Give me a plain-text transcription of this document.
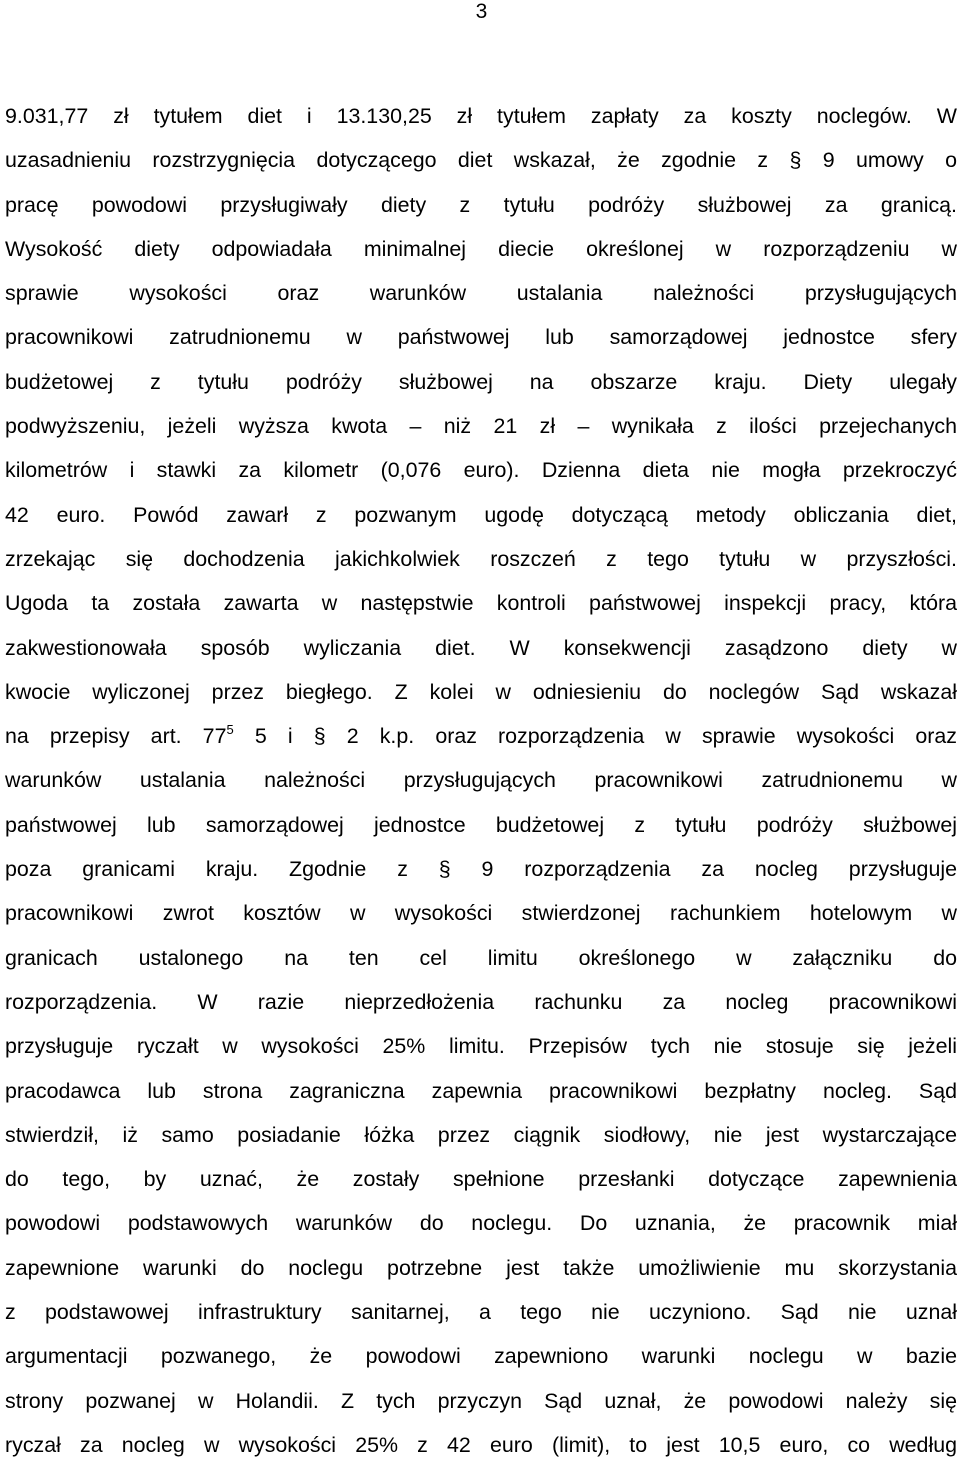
3
9.031,77 zł tytułem diet i 13.130,25 zł tytułem zapłaty za koszty noclegów. W
uzasadnieniu rozstrzygnięcia dotyczącego diet wskazał, że zgodnie z § 9 umowy o
pracę powodowi przysługiwały diety z tytułu podróży służbowej za granicą.
Wysokość diety odpowiadała minimalnej diecie określonej w rozporządzeniu w
sprawie wysokości oraz warunków ustalania należności przysługujących
pracownikowi zatrudnionemu w państwowej lub samorządowej jednostce sfery
budżetowej z tytułu podróży służbowej na obszarze kraju. Diety ulegały
podwyższeniu, jeżeli wyższa kwota – niż 21 zł – wynikała z ilości przejechanych
kilometrów i stawki za kilometr (0,076 euro). Dzienna dieta nie mogła przekroczyć
42 euro. Powód zawarł z pozwanym ugodę dotyczącą metody obliczania diet,
zrzekając się dochodzenia jakichkolwiek roszczeń z tego tytułu w przyszłości.
Ugoda ta została zawarta w następstwie kontroli państwowej inspekcji pracy, która
zakwestionowała sposób wyliczania diet. W konsekwencji zasądzono diety w
kwocie wyliczonej przez biegłego. Z kolei w odniesieniu do noclegów Sąd wskazał
na przepisy art. $77^5$ 5 i § 2 k.p. oraz rozporządzenia w sprawie wysokości oraz
warunków ustalania należności przysługujących pracownikowi zatrudnionemu w
państwowej lub samorządowej jednostce budżetowej z tytułu podróży służbowej
poza granicami kraju. Zgodnie z § 9 rozporządzenia za nocleg przysługuje
pracownikowi zwrot kosztów w wysokości stwierdzonej rachunkiem hotelowym w
granicach ustalonego na ten cel limitu określonego w załączniku do
rozporządzenia. W razie nieprzedłożenia rachunku za nocleg pracownikowi
przysługuje ryczałt w wysokości 25% limitu. Przepisów tych nie stosuje się jeżeli
pracodawca lub strona zagraniczna zapewnia pracownikowi bezpłatny nocleg. Sąd
stwierdził, iż samo posiadanie łóżka przez ciągnik siodłowy, nie jest wystarczające
do tego, by uznać, że zostały spełnione przesłanki dotyczące zapewnienia
powodowi podstawowych warunków do noclegu. Do uznania, że pracownik miał
zapewnione warunki do noclegu potrzebne jest także umożliwienie mu skorzystania
z podstawowej infrastruktury sanitarnej, a tego nie uczyniono. Sąd nie uznał
argumentacji pozwanego, że powodowi zapewniono warunki noclegu w bazie
strony pozwanej w Holandii. Z tych przyczyn Sąd uznał, że powodowi należy się
ryczał za nocleg w wysokości 25% z 42 euro (limit), to jest 10,5 euro, co według
